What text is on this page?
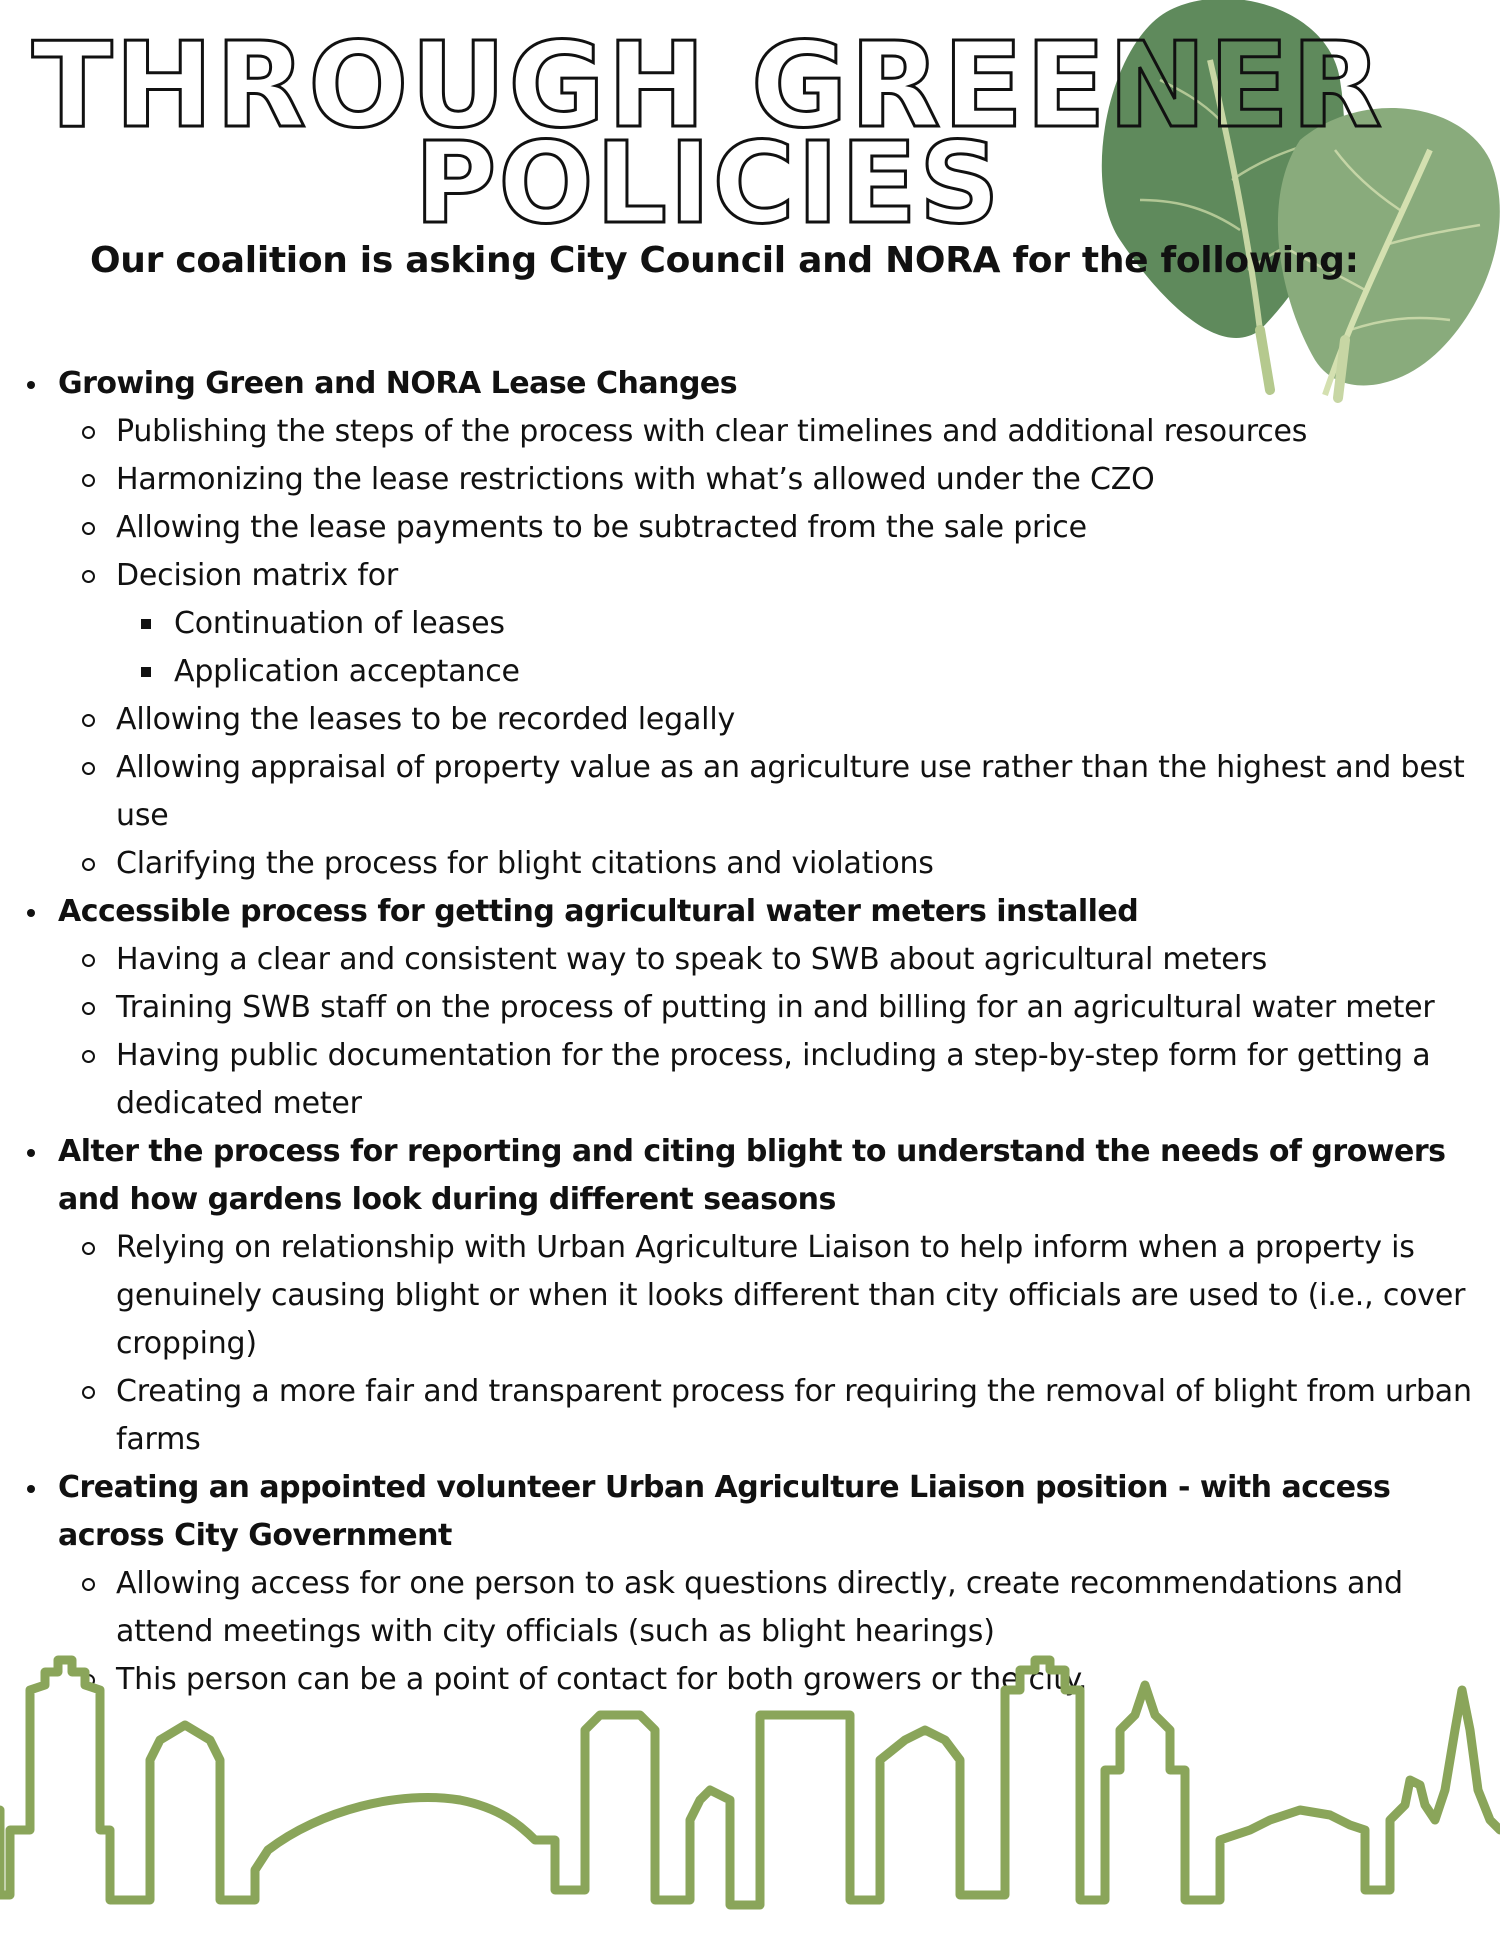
THROUGH GREENER
POLICIES

Our coalition is asking City Council and NORA for the following:

Growing Green and NORA Lease Changes
Publishing the steps of the process with clear timelines and additional resources
Harmonizing the lease restrictions with what’s allowed under the CZO
Allowing the lease payments to be subtracted from the sale price
Decision matrix for
Continuation of leases
Application acceptance
Allowing the leases to be recorded legally
Allowing appraisal of property value as an agriculture use rather than the highest and best use
Clarifying the process for blight citations and violations
Accessible process for getting agricultural water meters installed
Having a clear and consistent way to speak to SWB about agricultural meters
Training SWB staff on the process of putting in and billing for an agricultural water meter
Having public documentation for the process, including a step-by-step form for getting a dedicated meter
Alter the process for reporting and citing blight to understand the needs of growers and how gardens look during different seasons
Relying on relationship with Urban Agriculture Liaison to help inform when a property is genuinely causing blight or when it looks different than city officials are used to (i.e., cover cropping)
Creating a more fair and transparent process for requiring the removal of blight from urban farms
Creating an appointed volunteer Urban Agriculture Liaison position - with access across City Government
Allowing access for one person to ask questions directly, create recommendations and attend meetings with city officials (such as blight hearings)
This person can be a point of contact for both growers or the city.
